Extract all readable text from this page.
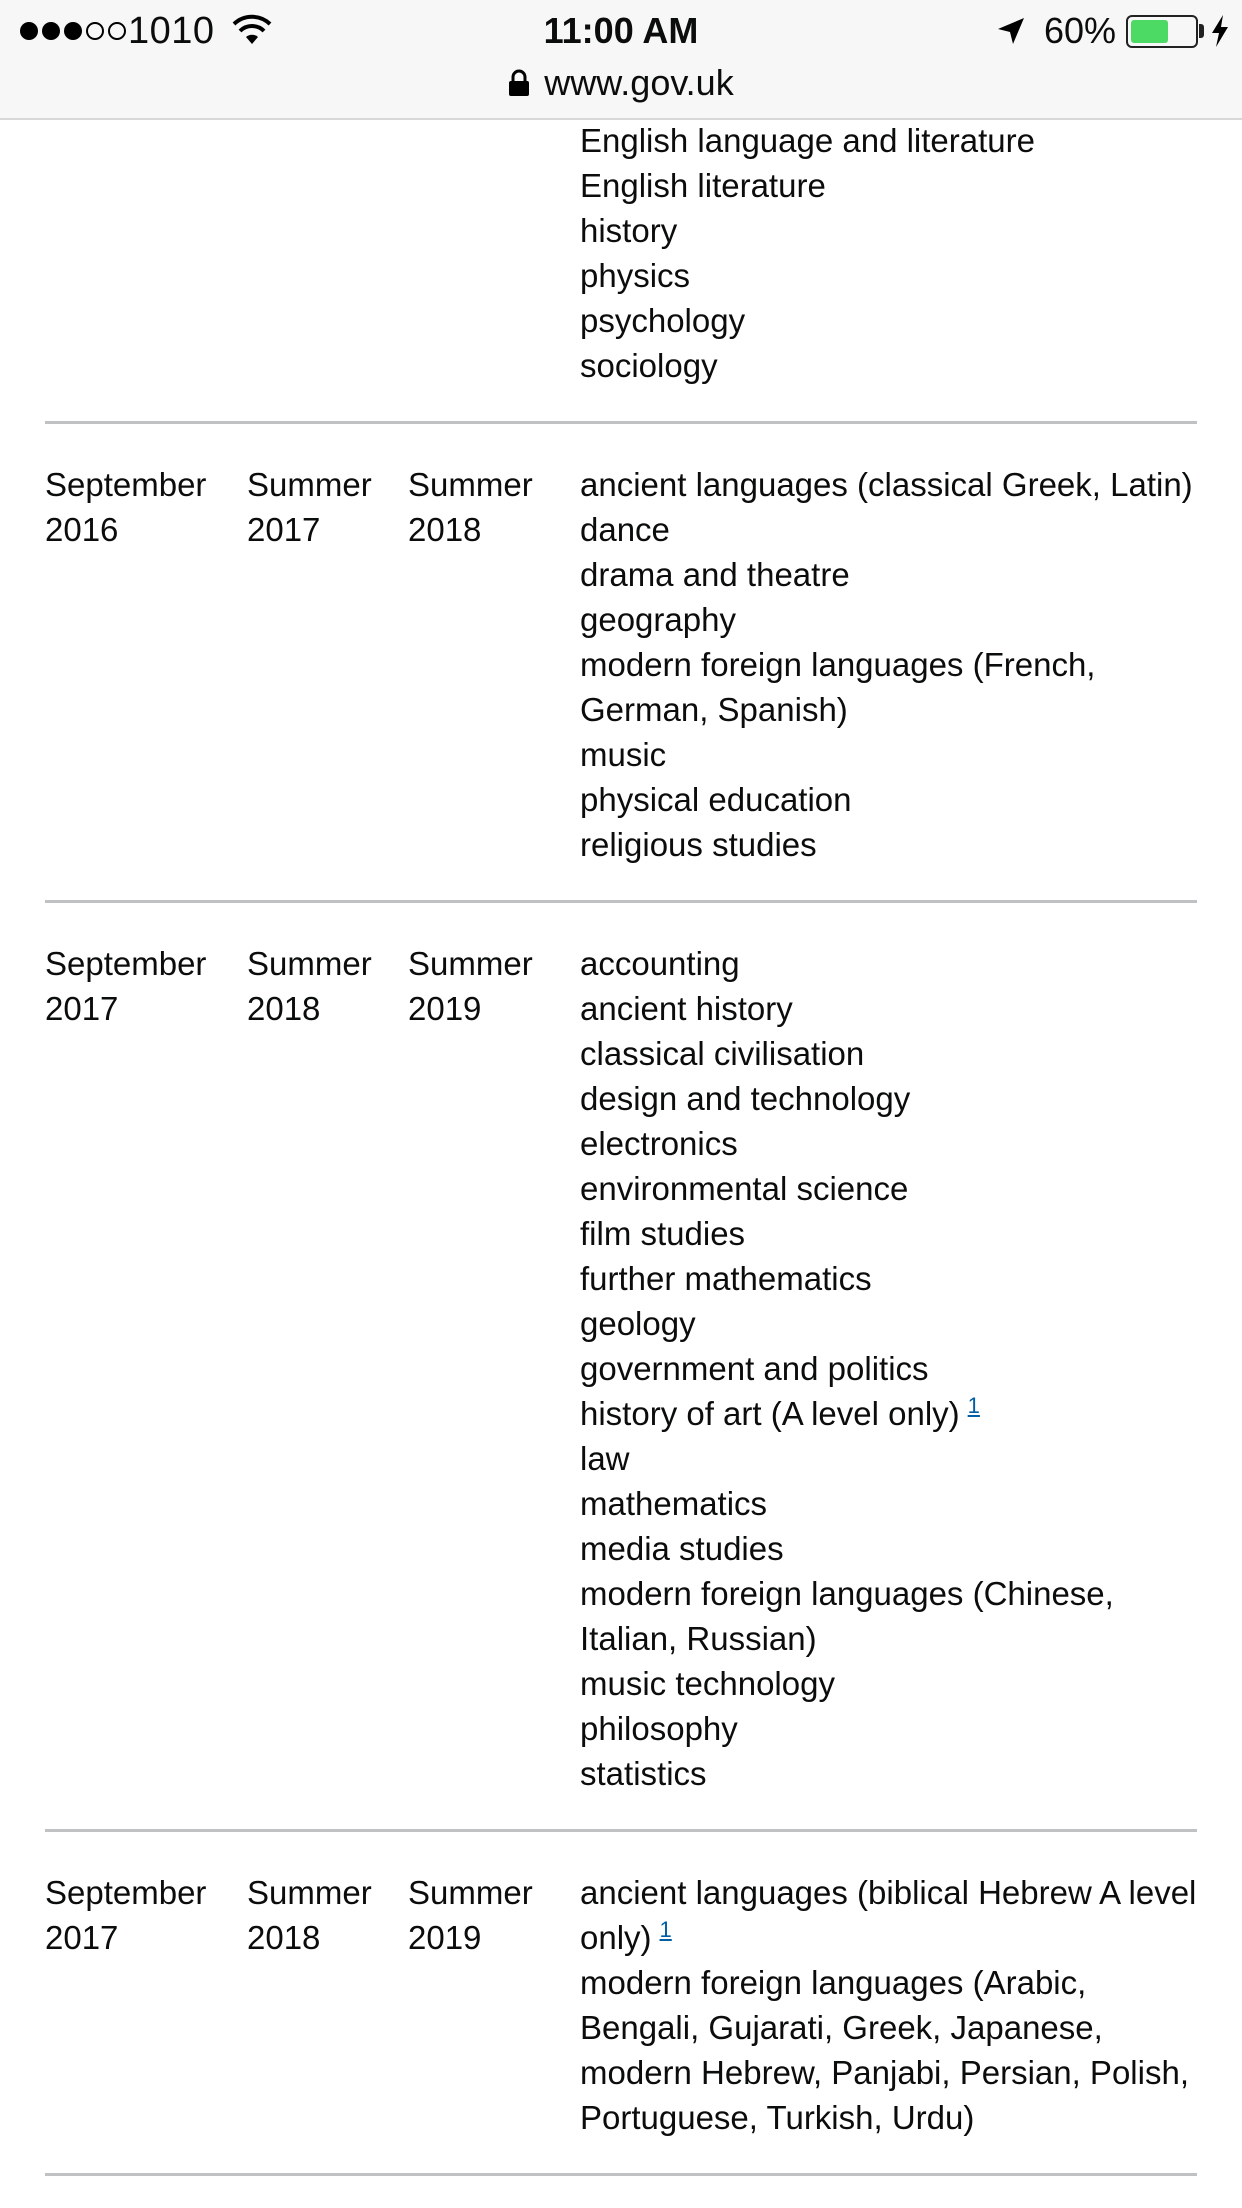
1010	11:00 AM	60%
www.gov.uk
English language and literature
English literature
history
physics
psychology
sociology
September 2016
Summer 2017
Summer 2018
ancient languages (classical Greek, Latin)
dance
drama and theatre
geography
modern foreign languages (French, German, Spanish)
music
physical education
religious studies
September 2017
Summer 2018
Summer 2019
accounting
ancient history
classical civilisation
design and technology
electronics
environmental science
film studies
further mathematics
geology
government and politics
history of art (A level only) $^1$
law
mathematics
media studies
modern foreign languages (Chinese, Italian, Russian)
music technology
philosophy
statistics
September 2017
Summer 2018
Summer 2019
ancient languages (biblical Hebrew A level only) $^1$
modern foreign languages (Arabic, Bengali, Gujarati, Greek, Japanese, modern Hebrew, Panjabi, Persian, Polish, Portuguese, Turkish, Urdu)
